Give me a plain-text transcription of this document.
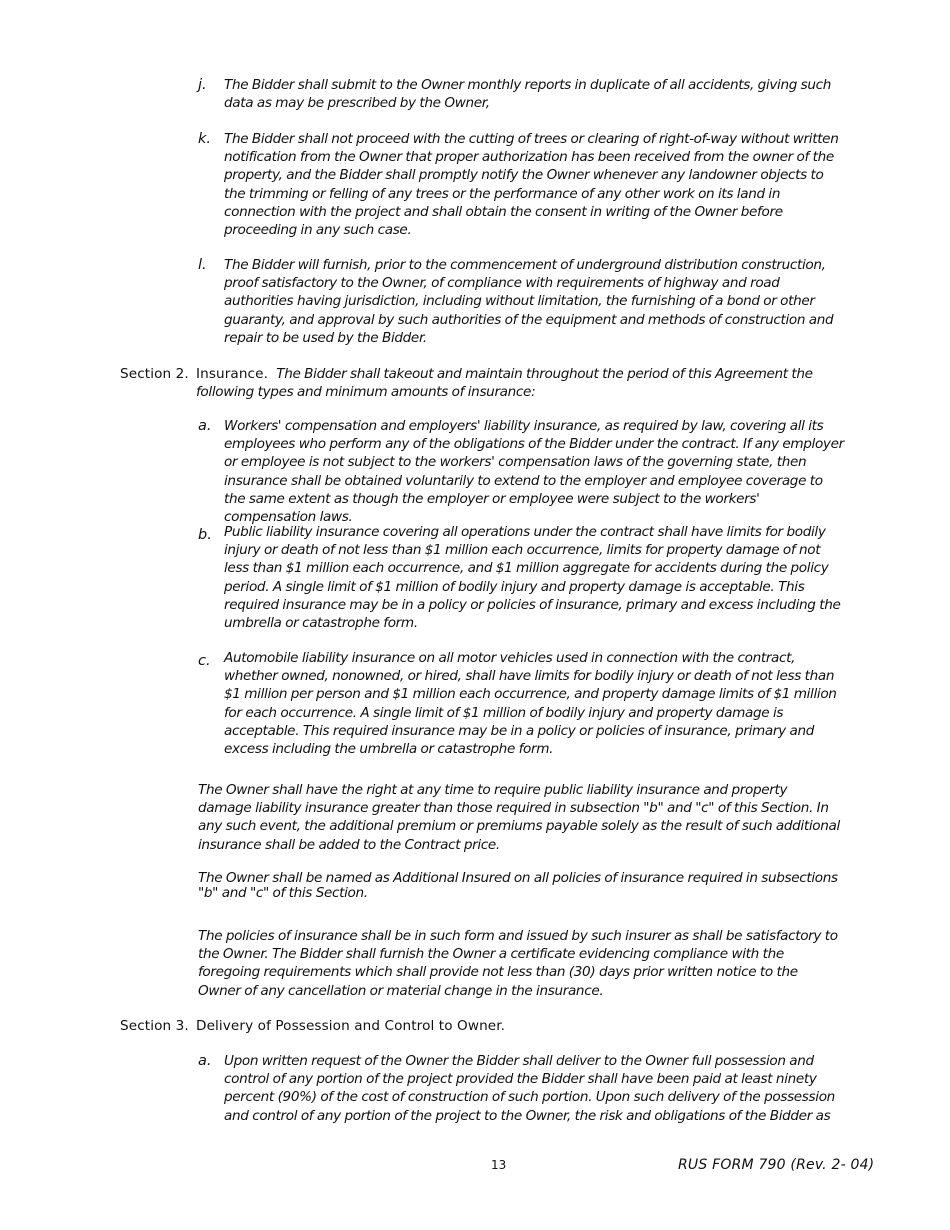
j. The Bidder shall submit to the Owner monthly reports in duplicate of all accidents, giving such data as may be prescribed by the Owner,
k. The Bidder shall not proceed with the cutting of trees or clearing of right-of-way without written notification from the Owner that proper authorization has been received from the owner of the property, and the Bidder shall promptly notify the Owner whenever any landowner objects to the trimming or felling of any trees or the performance of any other work on its land in connection with the project and shall obtain the consent in writing of the Owner before proceeding in any such case.
l. The Bidder will furnish, prior to the commencement of underground distribution construction, proof satisfactory to the Owner, of compliance with requirements of highway and road authorities having jurisdiction, including without limitation, the furnishing of a bond or other guaranty, and approval by such authorities of the equipment and methods of construction and repair to be used by the Bidder.
Section 2. Insurance. The Bidder shall takeout and maintain throughout the period of this Agreement the
following types and minimum amounts of insurance:
a. Workers' compensation and employers' liability insurance, as required by law, covering all its employees who perform any of the obligations of the Bidder under the contract. If any employer or employee is not subject to the workers' compensation laws of the governing state, then insurance shall be obtained voluntarily to extend to the employer and employee coverage to the same extent as though the employer or employee were subject to the workers' compensation laws.
b. Public liability insurance covering all operations under the contract shall have limits for bodily injury or death of not less than $1 million each occurrence, limits for property damage of not less than $1 million each occurrence, and $1 million aggregate for accidents during the policy period. A single limit of $1 million of bodily injury and property damage is acceptable. This required insurance may be in a policy or policies of insurance, primary and excess including the umbrella or catastrophe form.
c. Automobile liability insurance on all motor vehicles used in connection with the contract, whether owned, nonowned, or hired, shall have limits for bodily injury or death of not less than $1 million per person and $1 million each occurrence, and property damage limits of $1 million for each occurrence. A single limit of $1 million of bodily injury and property damage is acceptable. This required insurance may be in a policy or policies of insurance, primary and excess including the umbrella or catastrophe form.
The Owner shall have the right at any time to require public liability insurance and property damage liability insurance greater than those required in subsection "b" and "c" of this Section. In any such event, the additional premium or premiums payable solely as the result of such additional insurance shall be added to the Contract price.
The Owner shall be named as Additional Insured on all policies of insurance required in subsections "b" and "c" of this Section.
The policies of insurance shall be in such form and issued by such insurer as shall be satisfactory to the Owner. The Bidder shall furnish the Owner a certificate evidencing compliance with the foregoing requirements which shall provide not less than (30) days prior written notice to the Owner of any cancellation or material change in the insurance.
Section 3. Delivery of Possession and Control to Owner.
a. Upon written request of the Owner the Bidder shall deliver to the Owner full possession and control of any portion of the project provided the Bidder shall have been paid at least ninety percent (90%) of the cost of construction of such portion. Upon such delivery of the possession and control of any portion of the project to the Owner, the risk and obligations of the Bidder as
13	RUS FORM 790 (Rev. 2- 04)
